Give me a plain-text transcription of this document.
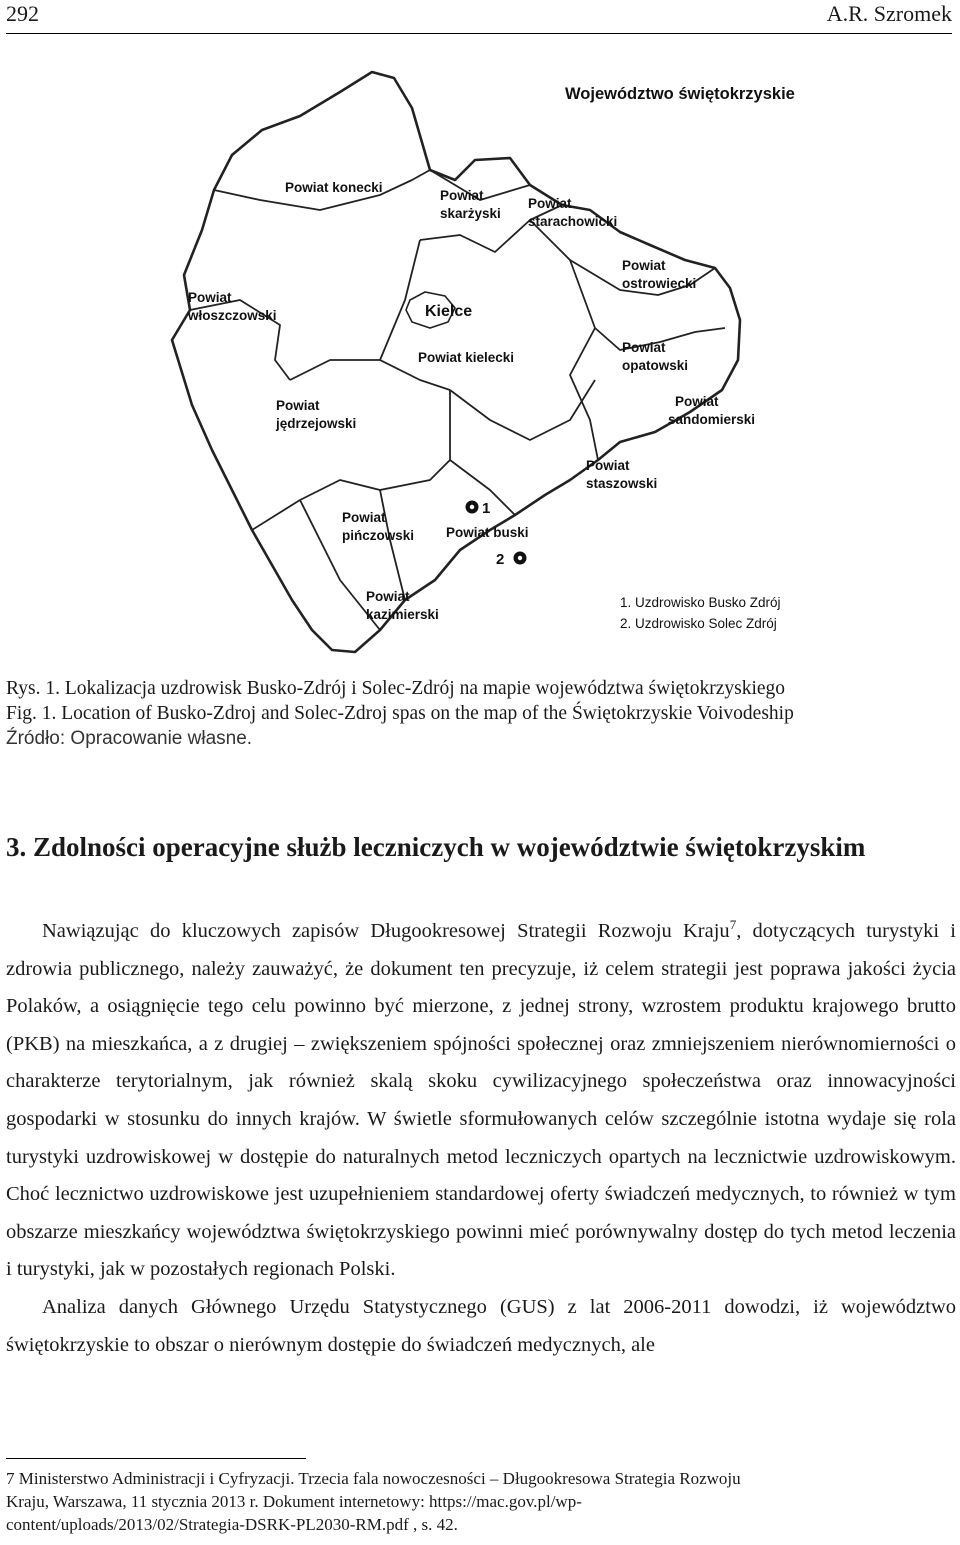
292	A.R. Szromek
Województwo świętokrzyskie
Kielce
Powiat konecki
Powiat
skarżyski
Powiat
starachowicki
Powiat
ostrowiecki
Powiat
włoszczowski
Powiat kielecki
Powiat
opatowski
Powiat
sandomierski
Powiat
jędrzejowski
Powiat
staszowski
Powiat
pińczowski Powiat buski
Powiat
kazimierski
1
2
1. Uzdrowisko Busko Zdrój
2. Uzdrowisko Solec Zdrój
Rys. 1. Lokalizacja uzdrowisk Busko-Zdrój i Solec-Zdrój na mapie województwa świętokrzyskiego
Fig. 1. Location of Busko-Zdroj and Solec-Zdroj spas on the map of the Świętokrzyskie Voivodeship
Źródło: Opracowanie własne.
3. Zdolności operacyjne służb leczniczych w województwie świętokrzyskim

Nawiązując do kluczowych zapisów Długookresowej Strategii Rozwoju Kraju$^7$, dotyczących turystyki i zdrowia publicznego, należy zauważyć, że dokument ten precyzuje, iż celem strategii jest poprawa jakości życia Polaków, a osiągnięcie tego celu powinno być mierzone, z jednej strony, wzrostem produktu krajowego brutto (PKB) na mieszkańca, a z drugiej – zwiększeniem spójności społecznej oraz zmniejszeniem nierównomierności o charakterze terytorialnym, jak również skalą skoku cywilizacyjnego społeczeństwa oraz innowacyjności gospodarki w stosunku do innych krajów. W świetle sformułowanych celów szczególnie istotna wydaje się rola turystyki uzdrowiskowej w dostępie do naturalnych metod leczniczych opartych na lecznictwie uzdrowiskowym. Choć lecznictwo uzdrowiskowe jest uzupełnieniem standardowej oferty świadczeń medycznych, to również w tym obszarze mieszkańcy województwa świętokrzyskiego powinni mieć porównywalny dostęp do tych metod leczenia i turystyki, jak w pozostałych regionach Polski.

Analiza danych Głównego Urzędu Statystycznego (GUS) z lat 2006-2011 dowodzi, iż województwo świętokrzyskie to obszar o nierównym dostępie do świadczeń medycznych, ale

7 Ministerstwo Administracji i Cyfryzacji. Trzecia fala nowoczesności – Długookresowa Strategia Rozwoju
Kraju, Warszawa, 11 stycznia 2013 r. Dokument internetowy: https://mac.gov.pl/wp-
content/uploads/2013/02/Strategia-DSRK-PL2030-RM.pdf , s. 42.
